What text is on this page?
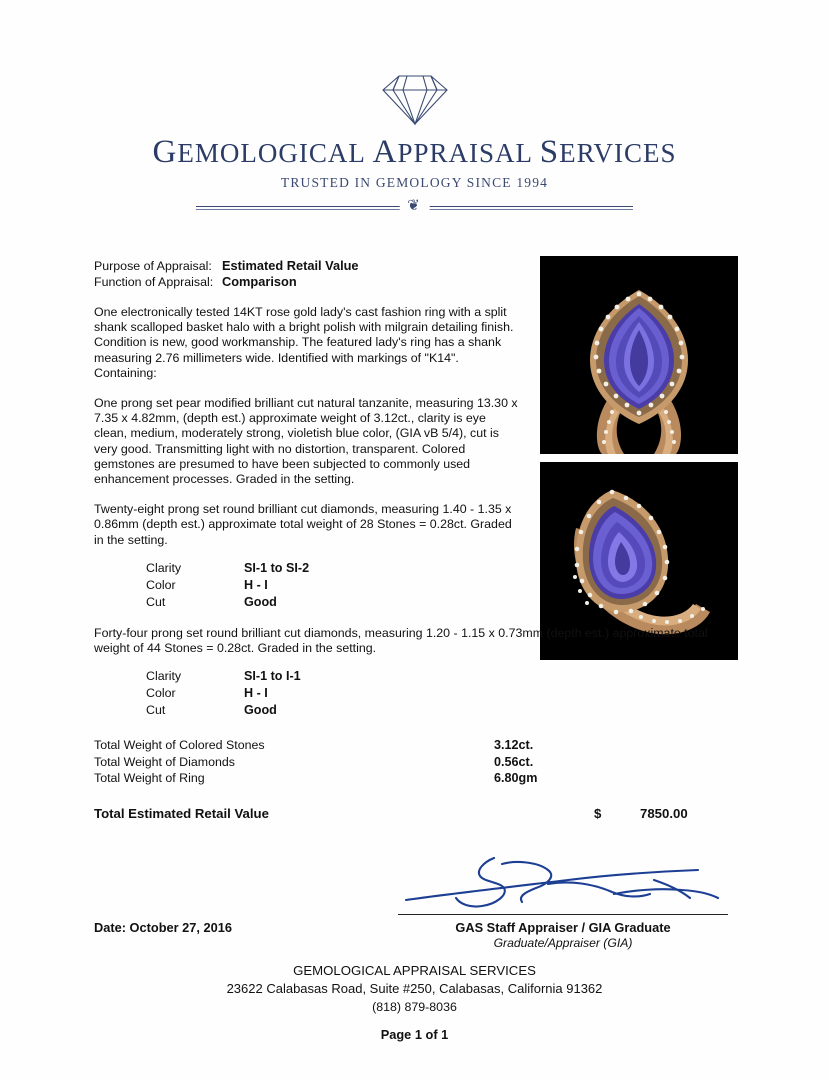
GEMOLOGICAL APPRAISAL SERVICES
TRUSTED IN GEMOLOGY SINCE 1994
❦
Purpose of Appraisal: Estimated Retail Value
Function of Appraisal: Comparison
One electronically tested 14KT rose gold lady's cast fashion ring with a split shank scalloped basket halo with a bright polish with milgrain detailing finish. Condition is new, good workmanship. The featured lady's ring has a shank measuring 2.76 millimeters wide. Identified with markings of "K14". Containing:
One prong set pear modified brilliant cut natural tanzanite, measuring 13.30 x 7.35 x 4.82mm, (depth est.) approximate weight of 3.12ct., clarity is eye clean, medium, moderately strong, violetish blue color, (GIA vB 5/4), cut is very good. Transmitting light with no distortion, transparent. Colored gemstones are presumed to have been subjected to commonly used enhancement processes. Graded in the setting.
Twenty-eight prong set round brilliant cut diamonds, measuring 1.40 - 1.35 x 0.86mm (depth est.) approximate total weight of 28 Stones = 0.28ct. Graded in the setting.
Clarity	SI-1 to SI-2
Color	H - I
Cut	Good
Forty-four prong set round brilliant cut diamonds, measuring 1.20 - 1.15 x 0.73mm (depth est.) approximate total weight of 44 Stones = 0.28ct. Graded in the setting.
Clarity	SI-1 to I-1
Color	H - I
Cut	Good
Total Weight of Colored Stones	3.12ct.
Total Weight of Diamonds	0.56ct.
Total Weight of Ring	6.80gm
Total Estimated Retail Value	$	7850.00
Date: October 27, 2016	GAS Staff Appraiser / GIA Graduate
Graduate/Appraiser (GIA)
GEMOLOGICAL APPRAISAL SERVICES
23622 Calabasas Road, Suite #250, Calabasas, California 91362
(818) 879-8036
Page 1 of 1
